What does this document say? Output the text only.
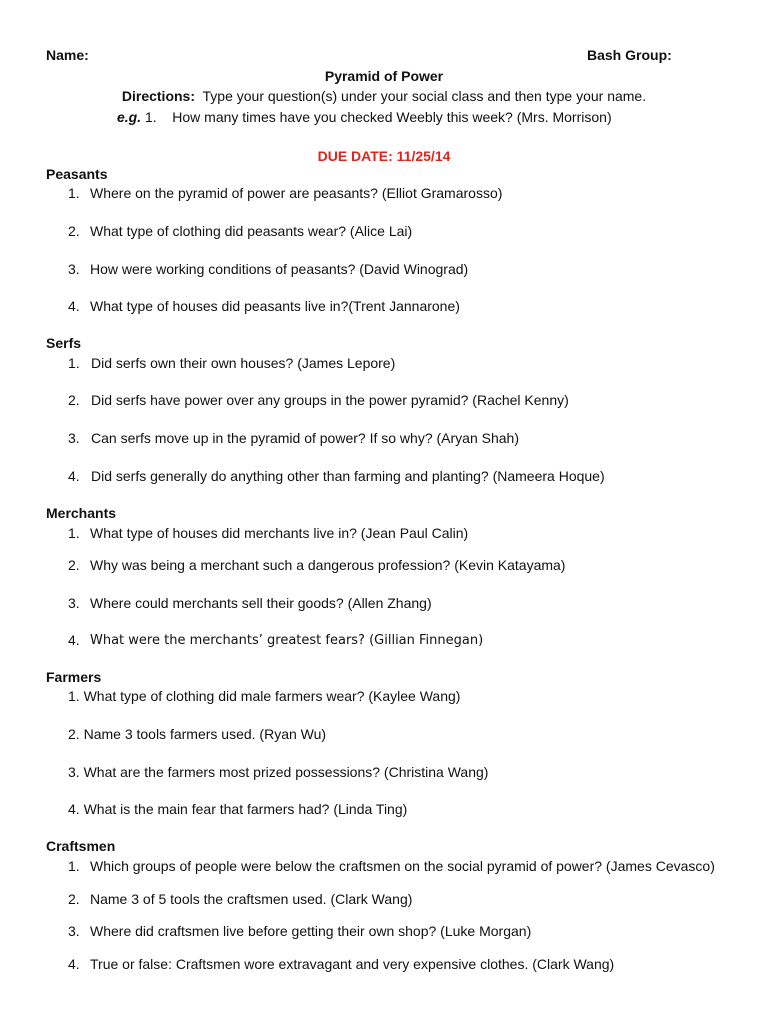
Name:	Bash Group:
Pyramid of Power
Directions: Type your question(s) under your social class and then type your name.
e.g. 1. How many times have you checked Weebly this week? (Mrs. Morrison)
DUE DATE: 11/25/14
Peasants
1. Where on the pyramid of power are peasants? (Elliot Gramarosso)
2. What type of clothing did peasants wear? (Alice Lai)
3. How were working conditions of peasants? (David Winograd)
4. What type of houses did peasants live in?(Trent Jannarone)
Serfs
1. Did serfs own their own houses? (James Lepore)
2. Did serfs have power over any groups in the power pyramid? (Rachel Kenny)
3. Can serfs move up in the pyramid of power? If so why? (Aryan Shah)
4. Did serfs generally do anything other than farming and planting? (Nameera Hoque)
Merchants
1. What type of houses did merchants live in? (Jean Paul Calin)
2. Why was being a merchant such a dangerous profession? (Kevin Katayama)
3. Where could merchants sell their goods? (Allen Zhang)
4. What were the merchants’ greatest fears? (Gillian Finnegan)
Farmers
1. What type of clothing did male farmers wear? (Kaylee Wang)
2. Name 3 tools farmers used. (Ryan Wu)
3. What are the farmers most prized possessions? (Christina Wang)
4. What is the main fear that farmers had? (Linda Ting)
Craftsmen
1. Which groups of people were below the craftsmen on the social pyramid of power? (James Cevasco)
2. Name 3 of 5 tools the craftsmen used. (Clark Wang)
3. Where did craftsmen live before getting their own shop? (Luke Morgan)
4. True or false: Craftsmen wore extravagant and very expensive clothes. (Clark Wang)
